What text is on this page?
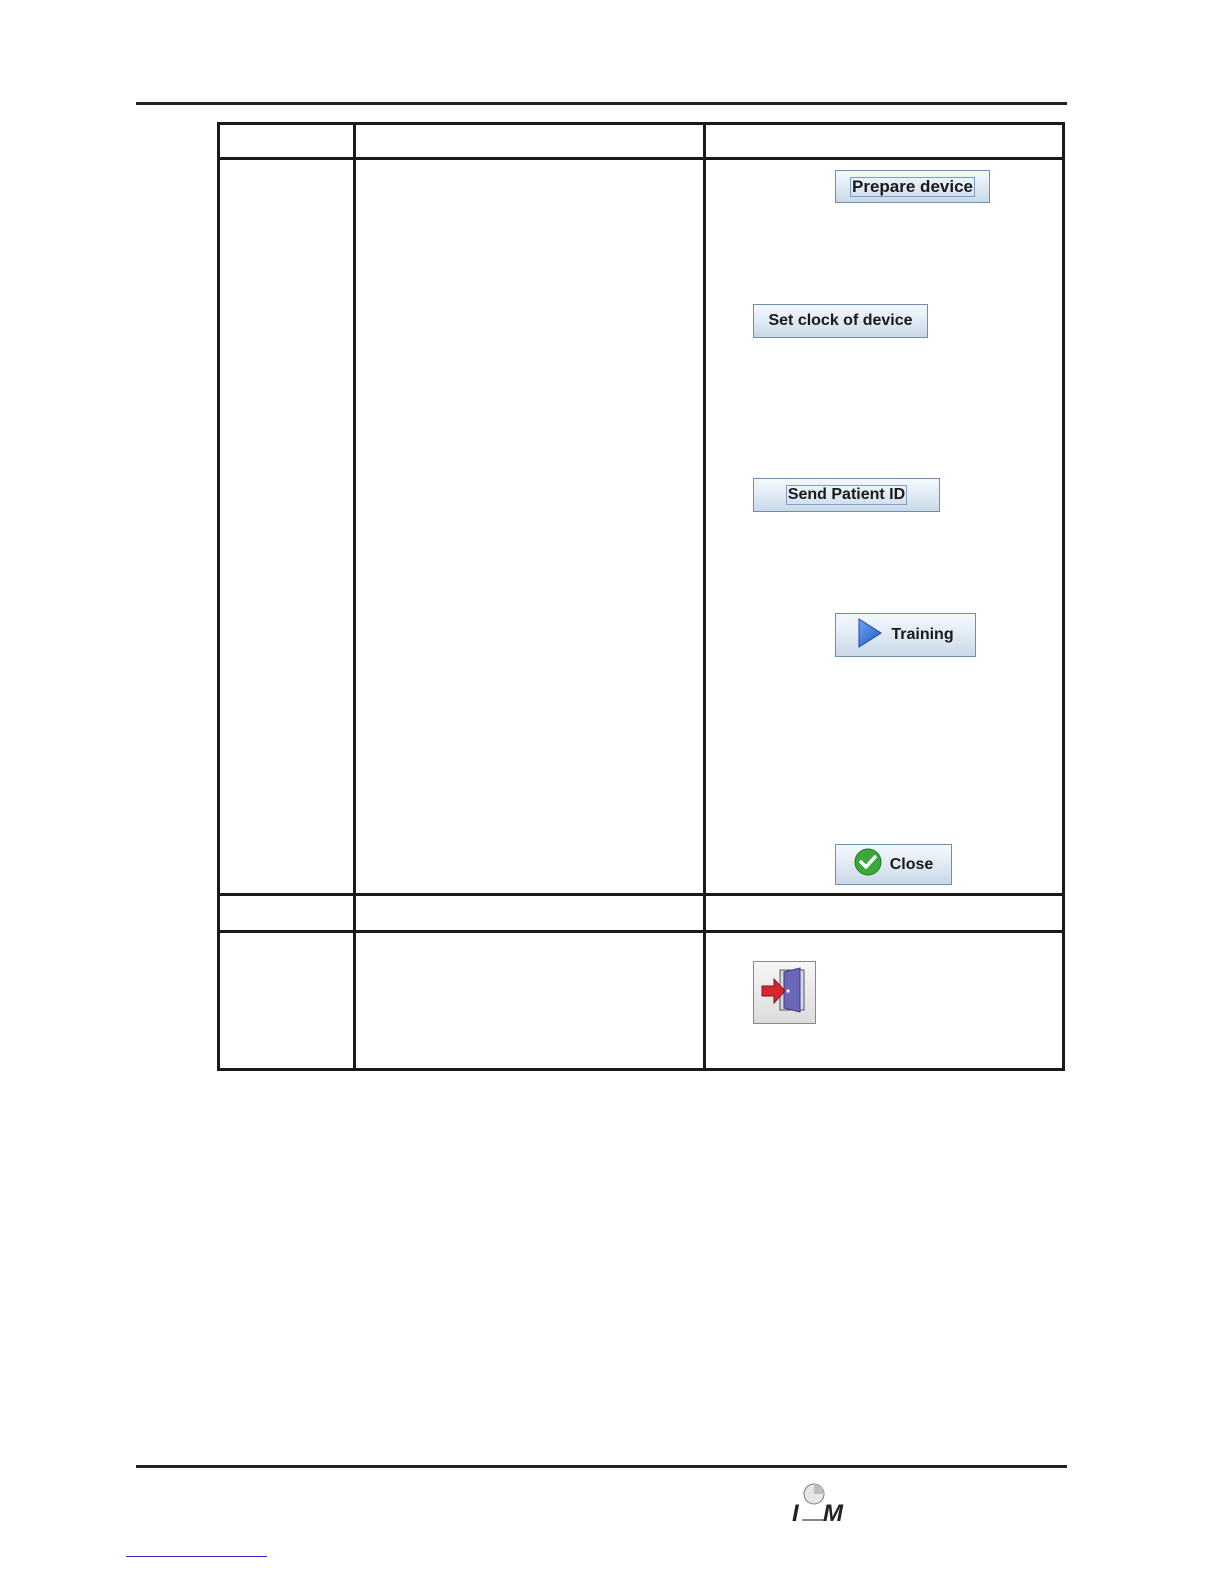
Prepare device
Set clock of device
Send Patient ID
Training
Close
I M
